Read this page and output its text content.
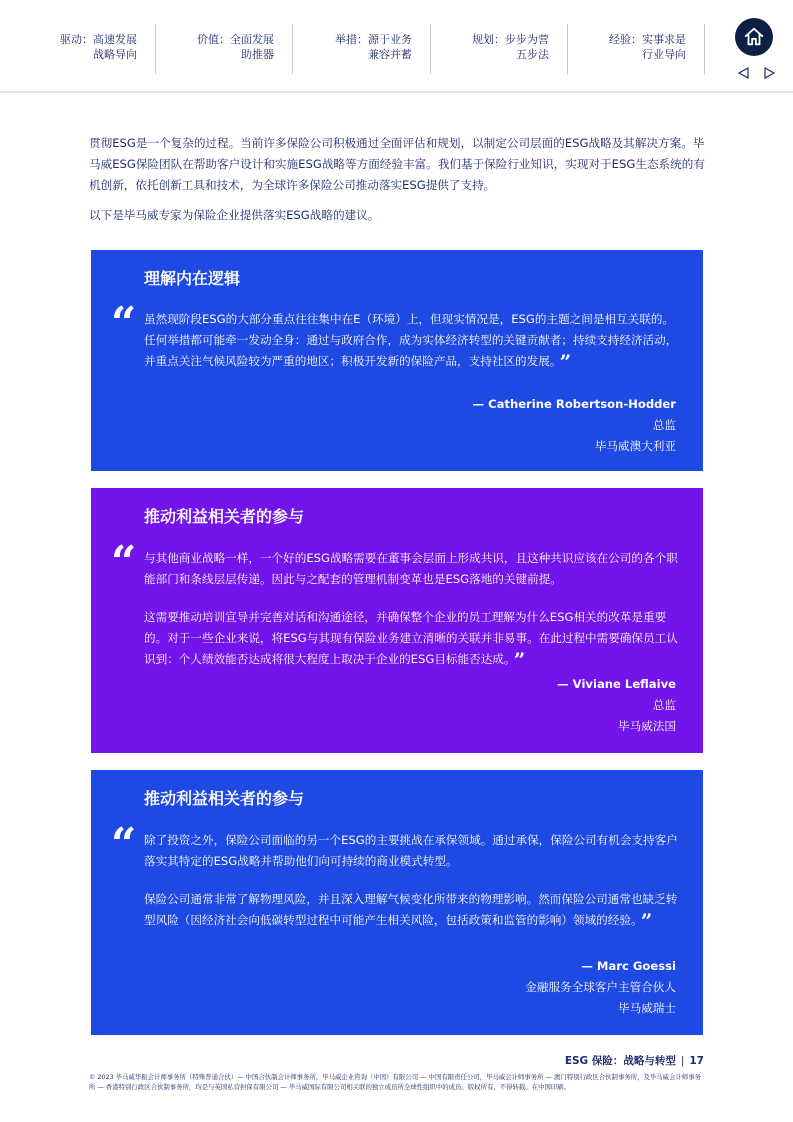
驱动：高速发展
战略导向
价值：全面发展
助推器
举措：源于业务
兼容并蓄
规划：步步为营
五步法
经验：实事求是
行业导向

贯彻ESG是一个复杂的过程。当前许多保险公司积极通过全面评估和规划，以制定公司层面的ESG战略及其解决方案。毕马威ESG保险团队在帮助客户设计和实施ESG战略等方面经验丰富。我们基于保险行业知识，实现对于ESG生态系统的有机创新，依托创新工具和技术，为全球许多保险公司推动落实ESG提供了支持。

以下是毕马威专家为保险企业提供落实ESG战略的建议。

理解内在逻辑
“ 虽然现阶段ESG的大部分重点往往集中在E（环境）上，但现实情况是，ESG的主题之间是相互关联的。任何举措都可能牵一发动全身：通过与政府合作，成为实体经济转型的关键贡献者；持续支持经济活动，并重点关注气候风险较为严重的地区；积极开发新的保险产品，支持社区的发展。 ”

— Catherine Robertson-Hodder
总监
毕马威澳大利亚
推动利益相关者的参与
“ 与其他商业战略一样，一个好的ESG战略需要在董事会层面上形成共识，且这种共识应该在公司的各个职能部门和条线层层传递。因此与之配套的管理机制变革也是ESG落地的关键前提。

这需要推动培训宣导并完善对话和沟通途径，并确保整个企业的员工理解为什么ESG相关的改革是重要的。对于一些企业来说，将ESG与其现有保险业务建立清晰的关联并非易事。在此过程中需要确保员工认识到：个人绩效能否达成将很大程度上取决于企业的ESG目标能否达成。 ”

— Viviane Leflaive
总监
毕马威法国
推动利益相关者的参与
“ 除了投资之外，保险公司面临的另一个ESG的主要挑战在承保领域。通过承保，保险公司有机会支持客户落实其特定的ESG战略并帮助他们向可持续的商业模式转型。

保险公司通常非常了解物理风险，并且深入理解气候变化所带来的物理影响。然而保险公司通常也缺乏转型风险（因经济社会向低碳转型过程中可能产生相关风险，包括政策和监管的影响）领域的经验。 ”

— Marc Goessi
金融服务全球客户主管合伙人
毕马威瑞士
ESG 保险：战略与转型 | 17
© 2023 毕马威华振会计师事务所（特殊普通合伙）— 中国合伙制会计师事务所，毕马威企业咨询（中国）有限公司 — 中国有限责任公司，毕马威会计师事务所 — 澳门特别行政区合伙制事务所，及毕马威会计师事务所 — 香港特别行政区合伙制事务所，均是与英国私营担保有限公司 — 毕马威国际有限公司相关联的独立成员所全球性组织中的成员。版权所有，不得转载。在中国印刷。
